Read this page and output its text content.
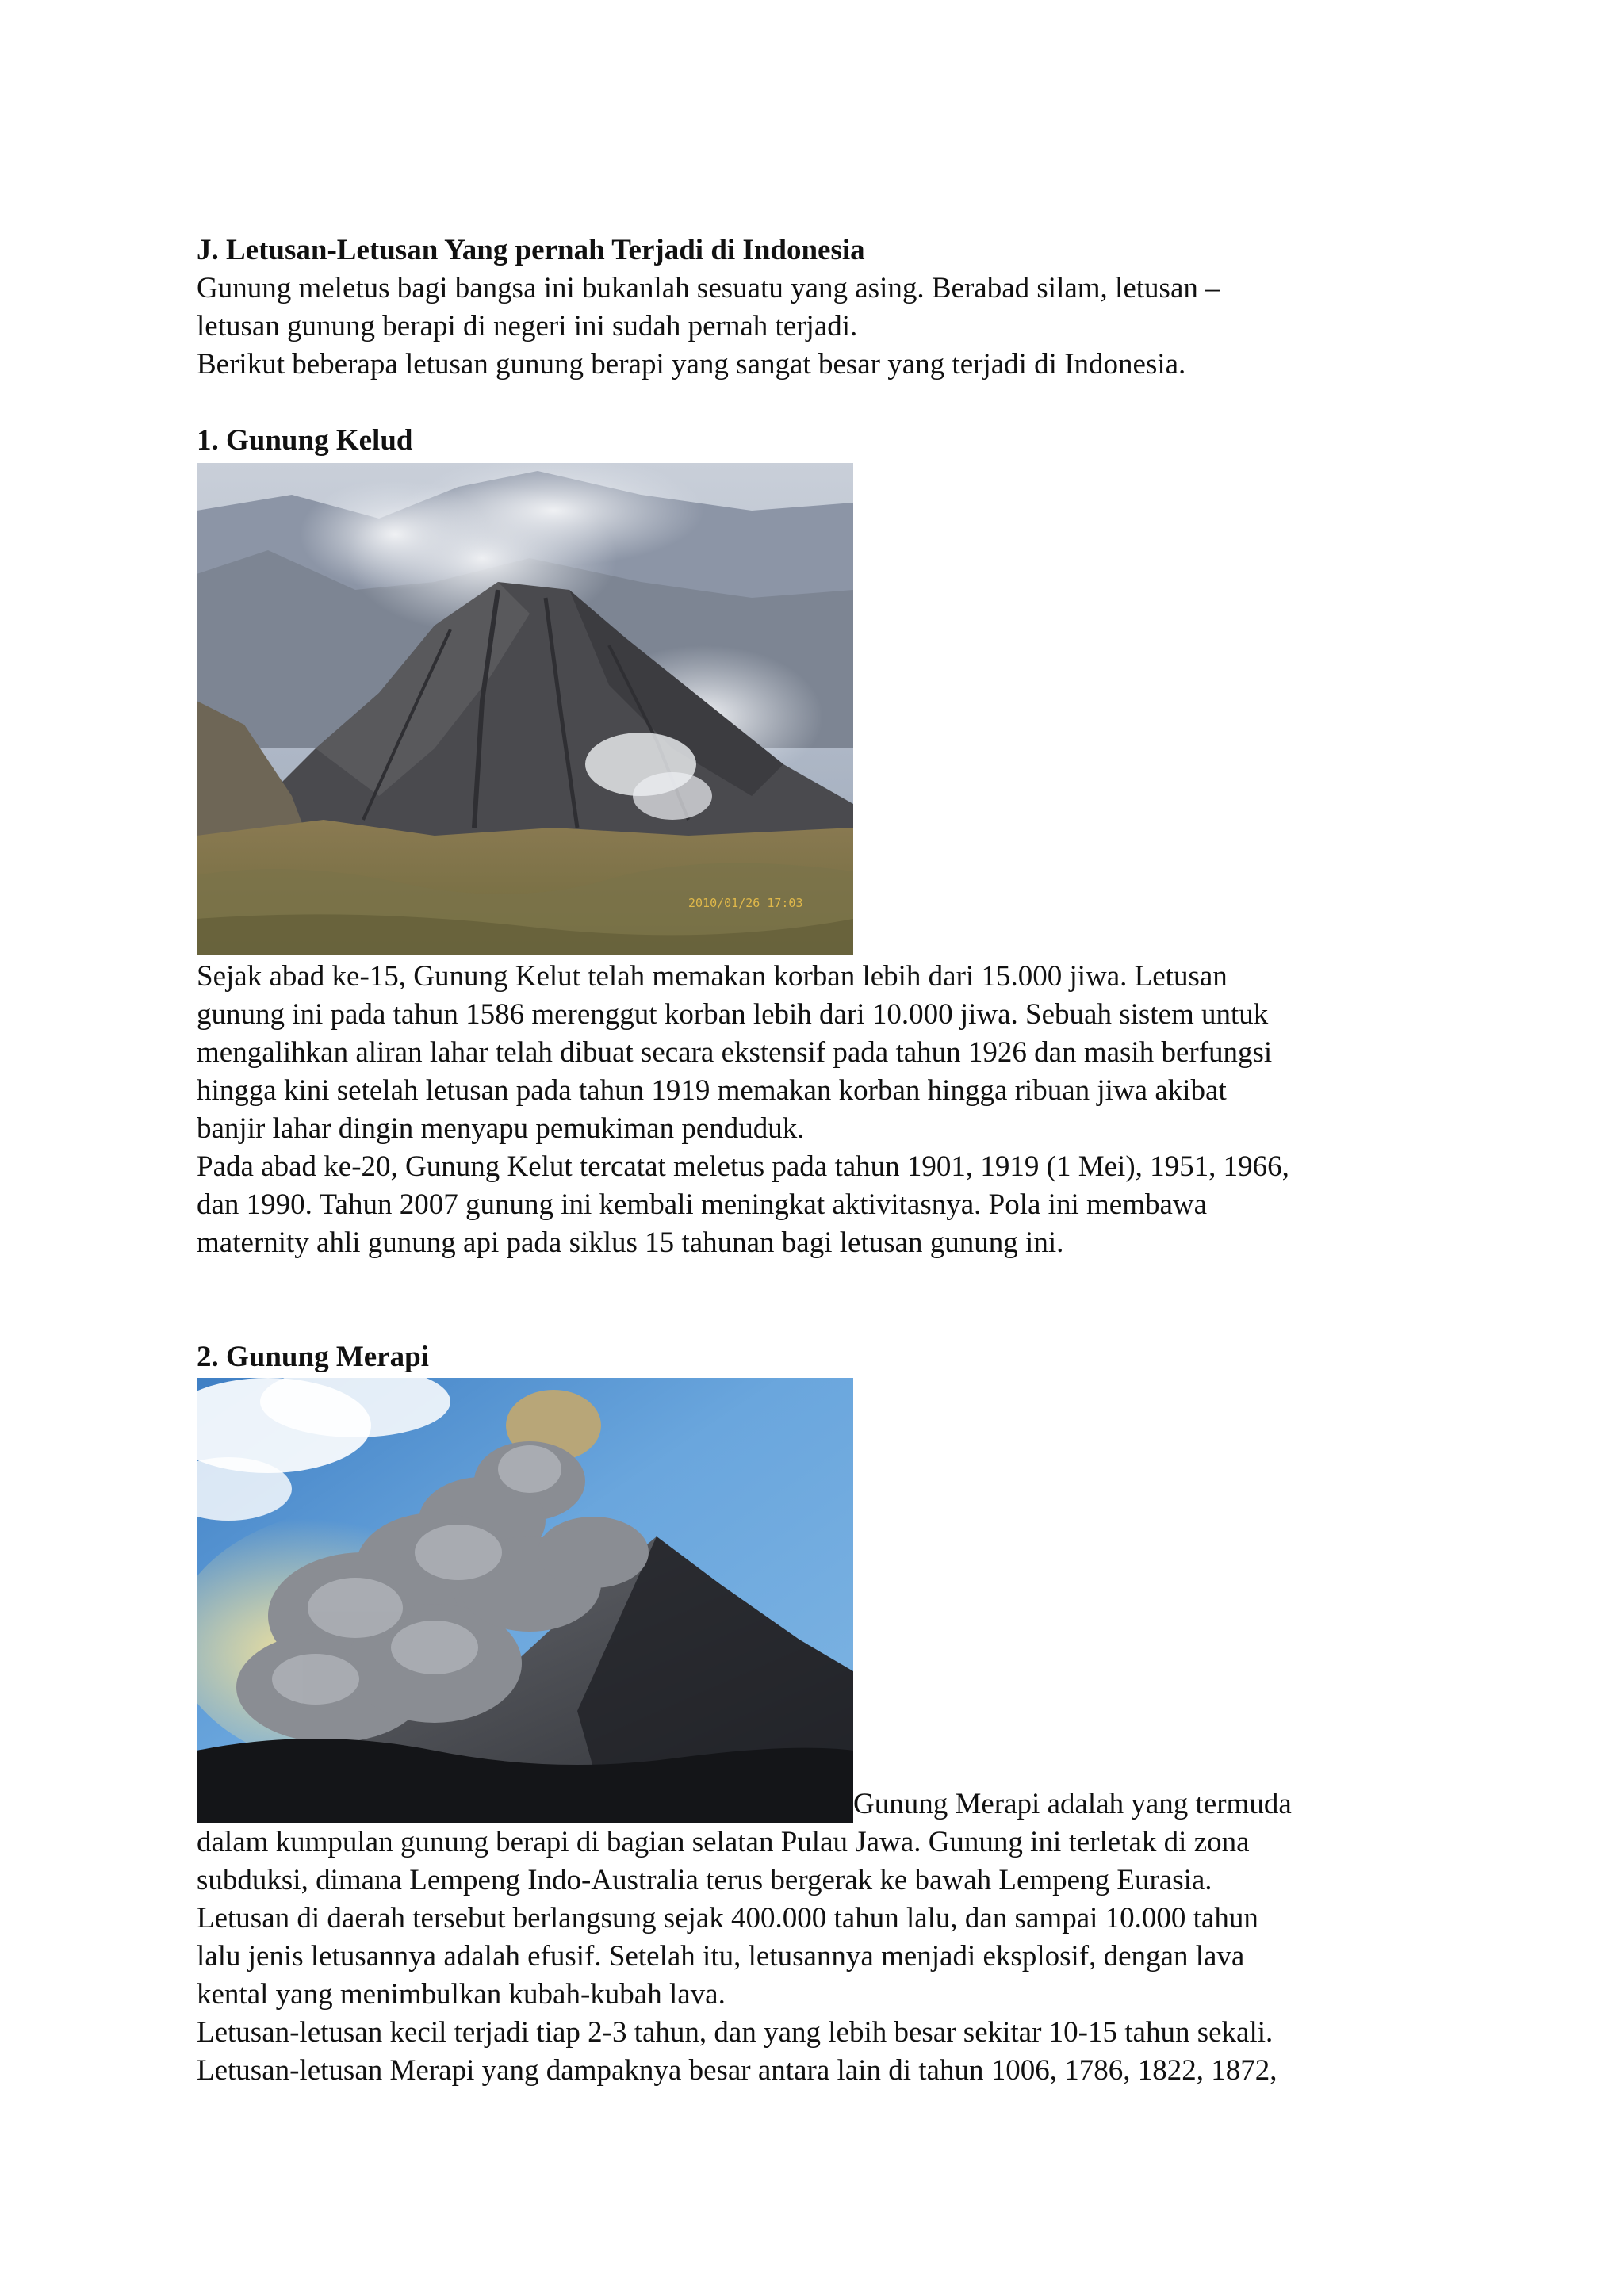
J. Letusan-Letusan Yang pernah Terjadi di Indonesia

Gunung meletus bagi bangsa ini bukanlah sesuatu yang asing. Berabad silam, letusan –

letusan gunung berapi di negeri ini sudah pernah terjadi.

Berikut beberapa letusan gunung berapi yang sangat besar yang terjadi di Indonesia.

1. Gunung Kelud

2010/01/26 17:03

Sejak abad ke-15, Gunung Kelut telah memakan korban lebih dari 15.000 jiwa. Letusan

gunung ini pada tahun 1586 merenggut korban lebih dari 10.000 jiwa. Sebuah sistem untuk

mengalihkan aliran lahar telah dibuat secara ekstensif pada tahun 1926 dan masih berfungsi

hingga kini setelah letusan pada tahun 1919 memakan korban hingga ribuan jiwa akibat

banjir lahar dingin menyapu pemukiman penduduk.

Pada abad ke-20, Gunung Kelut tercatat meletus pada tahun 1901, 1919 (1 Mei), 1951, 1966,

dan 1990. Tahun 2007 gunung ini kembali meningkat aktivitasnya. Pola ini membawa

maternity ahli gunung api pada siklus 15 tahunan bagi letusan gunung ini.

2. Gunung Merapi

Gunung Merapi adalah yang termuda

dalam kumpulan gunung berapi di bagian selatan Pulau Jawa. Gunung ini terletak di zona

subduksi, dimana Lempeng Indo-Australia terus bergerak ke bawah Lempeng Eurasia.

Letusan di daerah tersebut berlangsung sejak 400.000 tahun lalu, dan sampai 10.000 tahun

lalu jenis letusannya adalah efusif. Setelah itu, letusannya menjadi eksplosif, dengan lava

kental yang menimbulkan kubah-kubah lava.

Letusan-letusan kecil terjadi tiap 2-3 tahun, dan yang lebih besar sekitar 10-15 tahun sekali.

Letusan-letusan Merapi yang dampaknya besar antara lain di tahun 1006, 1786, 1822, 1872,
